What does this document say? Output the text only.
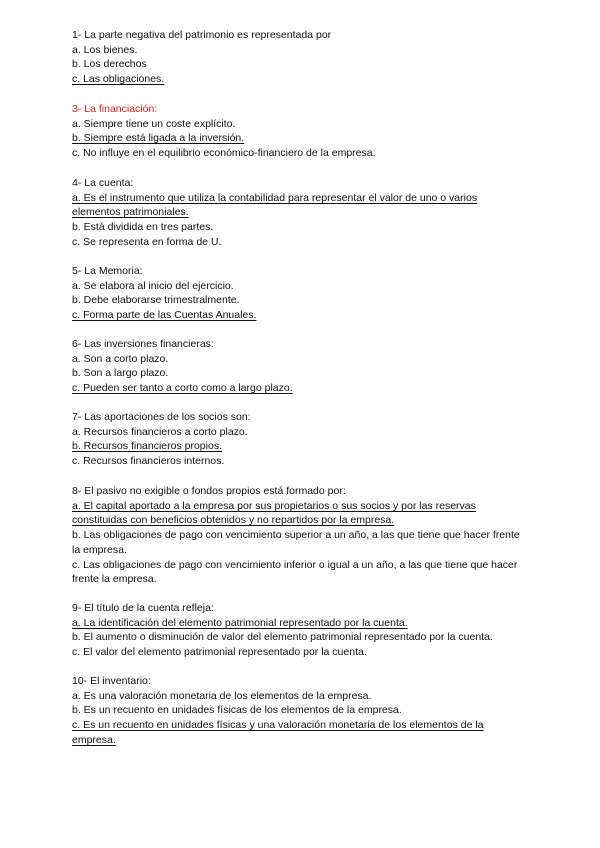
1- La parte negativa del patrimonio es representada por
a. Los bienes.
b. Los derechos
c. Las obligaciones.
3- La financiación:
a. Siempre tiene un coste explícito.
b. Siempre está ligada a la inversión.
c. No influye en el equilibrio económico-financiero de la empresa.
4- La cuenta:
a. Es el instrumento que utiliza la contabilidad para representar el valor de uno o varios elementos patrimoniales.
b. Está dividida en tres partes.
c. Se representa en forma de U.
5- La Memoria:
a. Se elabora al inicio del ejercicio.
b. Debe elaborarse trimestralmente.
c. Forma parte de las Cuentas Anuales.
6- Las inversiones financieras:
a. Son a corto plazo.
b. Son a largo plazo.
c. Pueden ser tanto a corto como a largo plazo.
7- Las aportaciones de los socios son:
a. Recursos financieros a corto plazo.
b. Recursos financieros propios.
c. Recursos financieros internos.
8- El pasivo no exigible o fondos propios está formado por:
a. El capital aportado a la empresa por sus propietarios o sus socios y por las reservas constituidas con beneficios obtenidos y no repartidos por la empresa.
b. Las obligaciones de pago con vencimiento superior a un año, a las que tiene que hacer frente la empresa.
c. Las obligaciones de pago con vencimiento inferior o igual a un año, a las que tiene que hacer frente la empresa.
9- El título de la cuenta refleja:
a. La identificación del elemento patrimonial representado por la cuenta.
b. El aumento o disminución de valor del elemento patrimonial representado por la cuenta.
c. El valor del elemento patrimonial representado por la cuenta.
10- El inventario:
a. Es una valoración monetaria de los elementos de la empresa.
b. Es un recuento en unidades físicas de los elementos de la empresa.
c. Es un recuento en unidades físicas y una valoración monetaria de los elementos de la empresa.
